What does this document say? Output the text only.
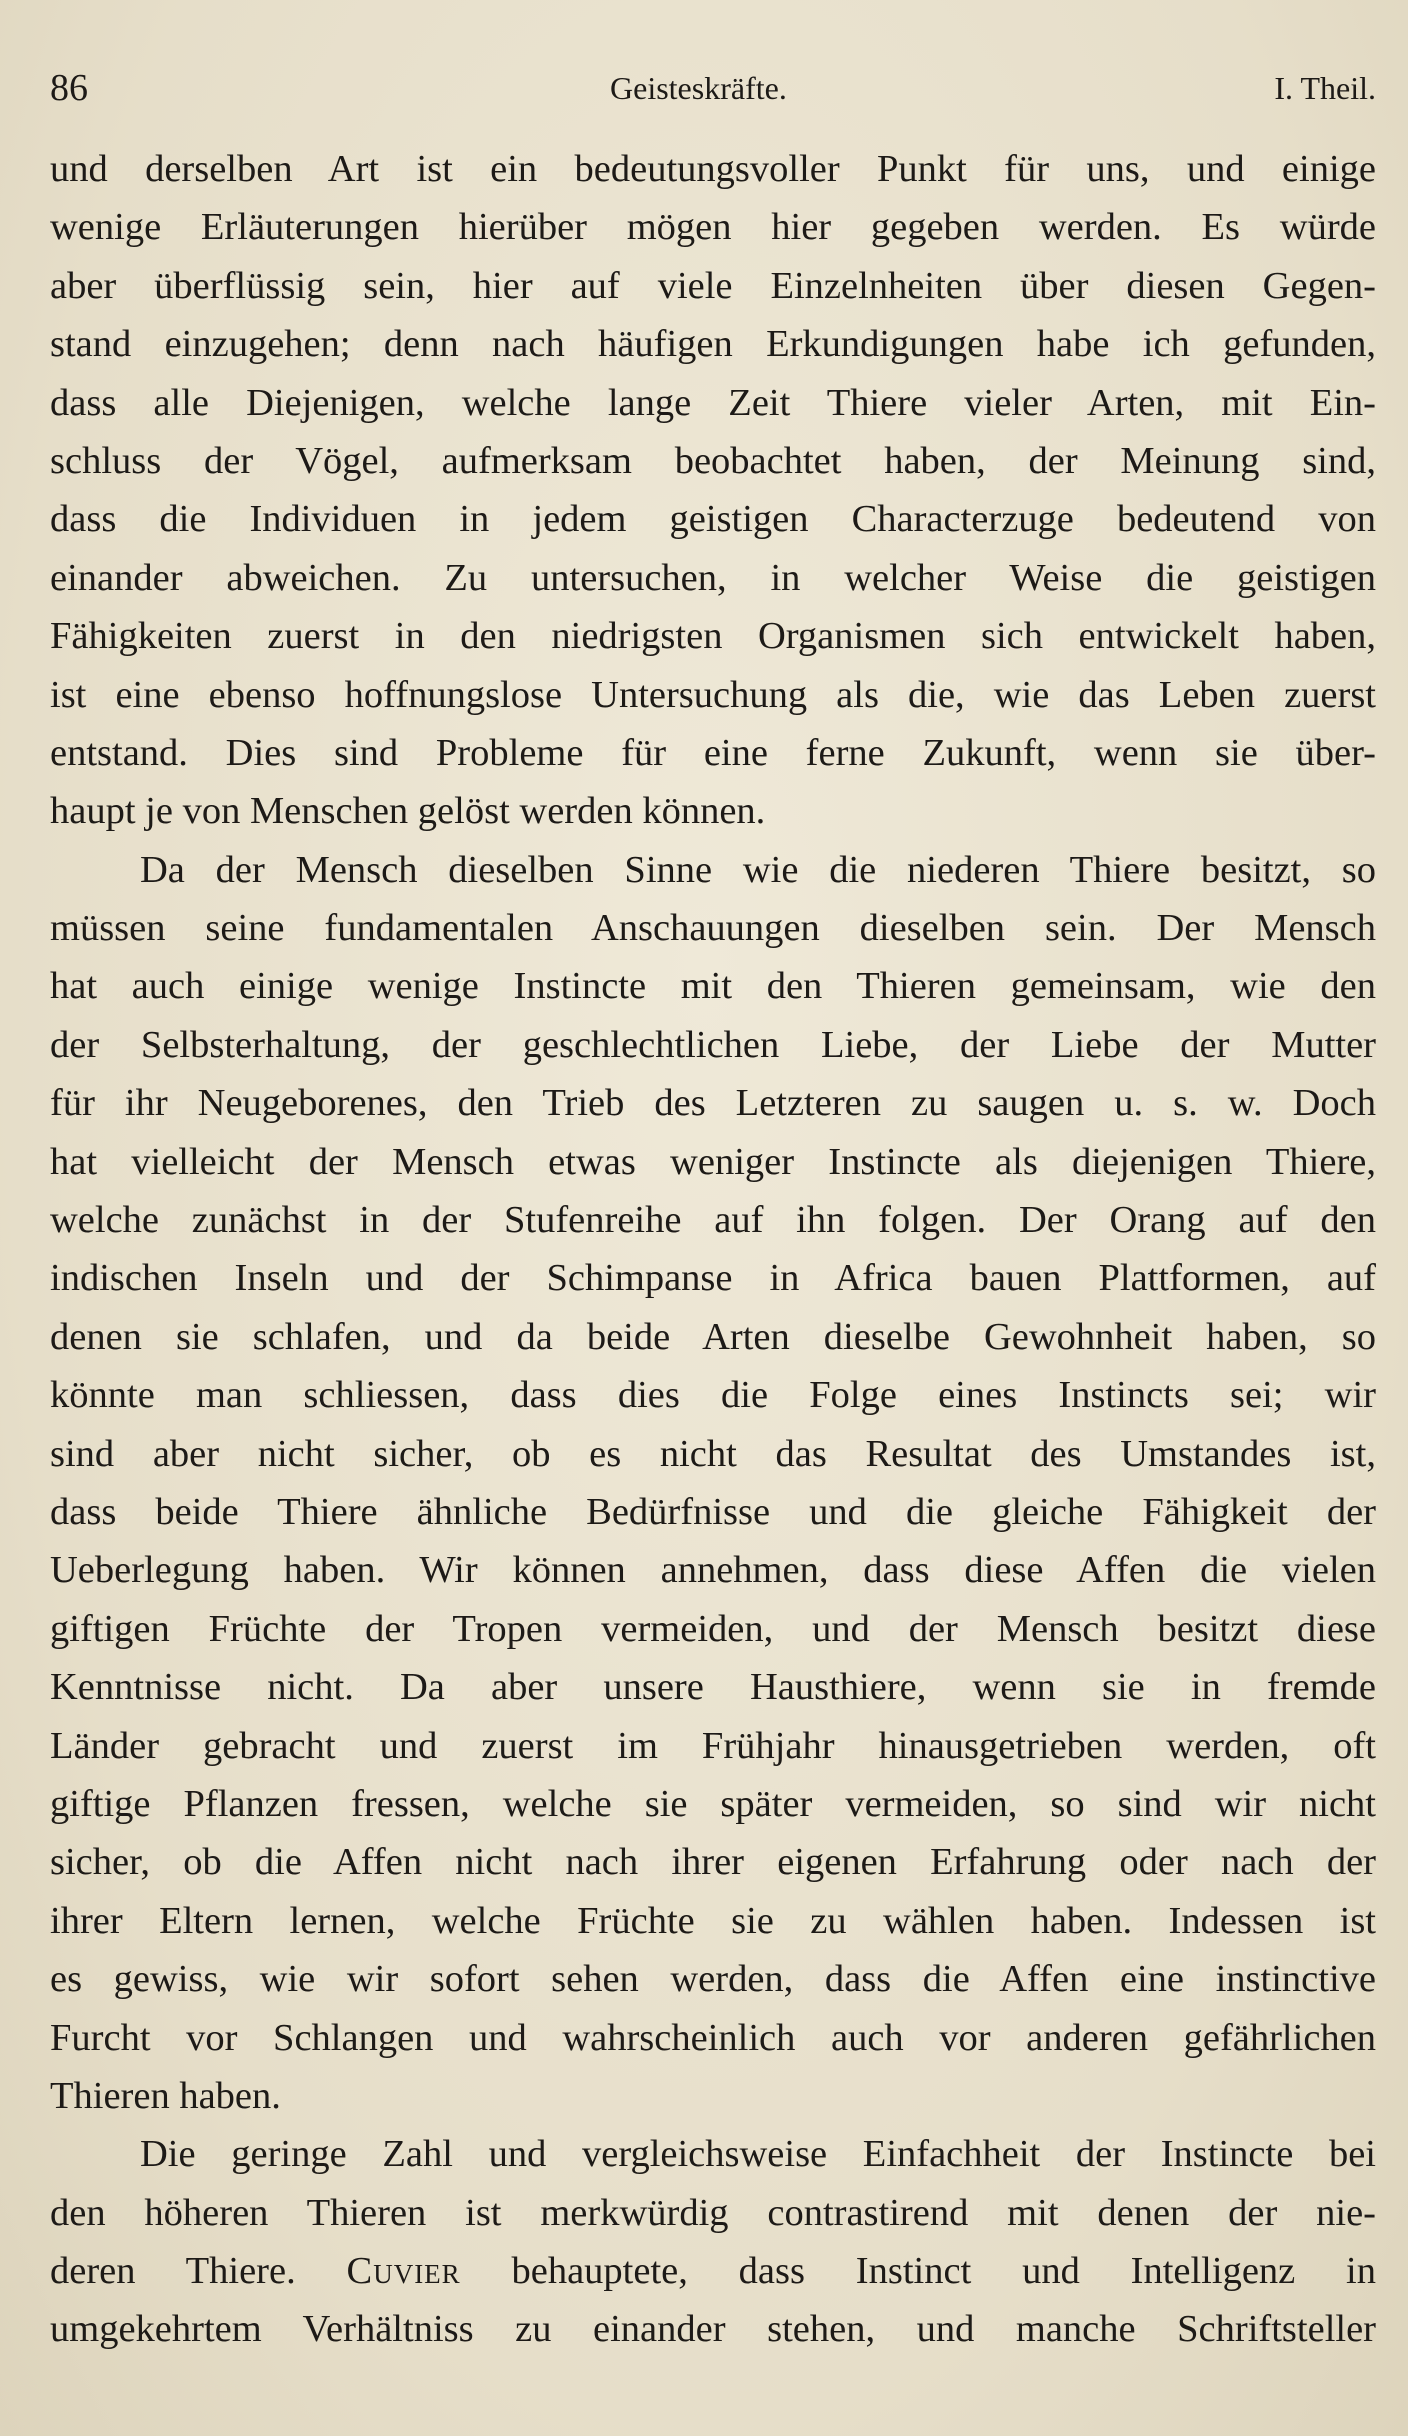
86	Geisteskräfte.	I. Theil.
und derselben Art ist ein bedeutungsvoller Punkt für uns, und einige
wenige Erläuterungen hierüber mögen hier gegeben werden. Es würde
aber überflüssig sein, hier auf viele Einzelnheiten über diesen Gegen-
stand einzugehen; denn nach häufigen Erkundigungen habe ich gefunden,
dass alle Diejenigen, welche lange Zeit Thiere vieler Arten, mit Ein-
schluss der Vögel, aufmerksam beobachtet haben, der Meinung sind,
dass die Individuen in jedem geistigen Characterzuge bedeutend von
einander abweichen. Zu untersuchen, in welcher Weise die geistigen
Fähigkeiten zuerst in den niedrigsten Organismen sich entwickelt haben,
ist eine ebenso hoffnungslose Untersuchung als die, wie das Leben zuerst
entstand. Dies sind Probleme für eine ferne Zukunft, wenn sie über-
haupt je von Menschen gelöst werden können.
Da der Mensch dieselben Sinne wie die niederen Thiere besitzt, so
müssen seine fundamentalen Anschauungen dieselben sein. Der Mensch
hat auch einige wenige Instincte mit den Thieren gemeinsam, wie den
der Selbsterhaltung, der geschlechtlichen Liebe, der Liebe der Mutter
für ihr Neugeborenes, den Trieb des Letzteren zu saugen u. s. w. Doch
hat vielleicht der Mensch etwas weniger Instincte als diejenigen Thiere,
welche zunächst in der Stufenreihe auf ihn folgen. Der Orang auf den
indischen Inseln und der Schimpanse in Africa bauen Plattformen, auf
denen sie schlafen, und da beide Arten dieselbe Gewohnheit haben, so
könnte man schliessen, dass dies die Folge eines Instincts sei; wir
sind aber nicht sicher, ob es nicht das Resultat des Umstandes ist,
dass beide Thiere ähnliche Bedürfnisse und die gleiche Fähigkeit der
Ueberlegung haben. Wir können annehmen, dass diese Affen die vielen
giftigen Früchte der Tropen vermeiden, und der Mensch besitzt diese
Kenntnisse nicht. Da aber unsere Hausthiere, wenn sie in fremde
Länder gebracht und zuerst im Frühjahr hinausgetrieben werden, oft
giftige Pflanzen fressen, welche sie später vermeiden, so sind wir nicht
sicher, ob die Affen nicht nach ihrer eigenen Erfahrung oder nach der
ihrer Eltern lernen, welche Früchte sie zu wählen haben. Indessen ist
es gewiss, wie wir sofort sehen werden, dass die Affen eine instinctive
Furcht vor Schlangen und wahrscheinlich auch vor anderen gefährlichen
Thieren haben.
Die geringe Zahl und vergleichsweise Einfachheit der Instincte bei
den höheren Thieren ist merkwürdig contrastirend mit denen der nie-
deren Thiere. Cuvier behauptete, dass Instinct und Intelligenz in
umgekehrtem Verhältniss zu einander stehen, und manche Schriftsteller
